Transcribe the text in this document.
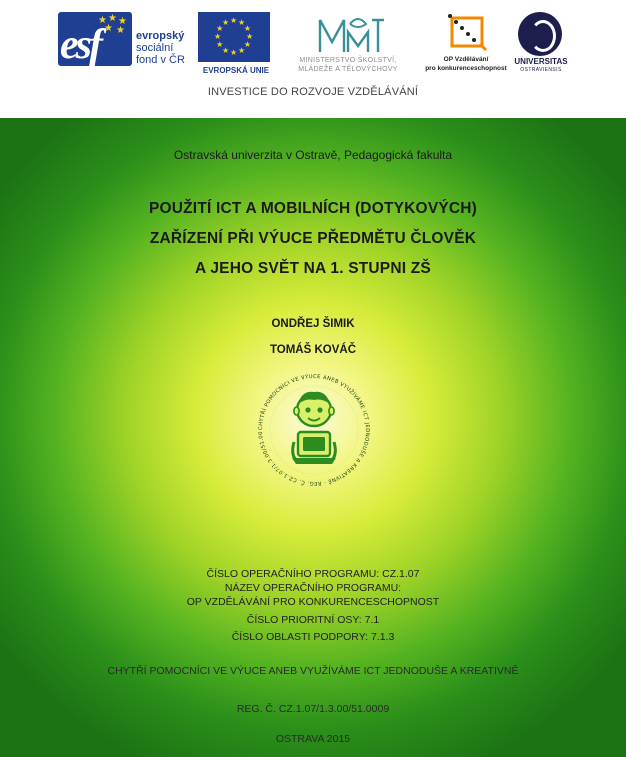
esf
★ ★ ★
★ ★ evropský
sociální
fond v ČR
★ ★
★
★
★
★
★
★
★
★
★
★
EVROPSKÁ UNIE
MINISTERSTVO ŠKOLSTVÍ,
MLÁDEŽE A TĚLOVÝCHOVY
OP Vzdělávání
pro konkurenceschopnost
UNIVERSITAS
OSTRAVIENSIS
INVESTICE DO ROZVOJE VZDĚLÁVÁNÍ
Ostravská univerzita v Ostravě, Pedagogická fakulta
POUŽITÍ ICT A MOBILNÍCH (DOTYKOVÝCH)
ZAŘÍZENÍ PŘI VÝUCE PŘEDMĚTU ČLOVĚK
A JEHO SVĚT NA 1. STUPNI ZŠ
ONDŘEJ ŠIMIK
TOMÁŠ KOVÁČ
CHYTŘÍ POMOCNÍCI VE VÝUCE ANEB VYUŽÍVÁME ICT JEDNODUŠE A KREATIVNĚ · REG. Č. CZ.1.07/1.3.00/51.00
ČÍSLO OPERAČNÍHO PROGRAMU: CZ.1.07
NÁZEV OPERAČNÍHO PROGRAMU:
OP VZDĚLÁVÁNÍ PRO KONKURENCESCHOPNOST
ČÍSLO PRIORITNÍ OSY: 7.1
ČÍSLO OBLASTI PODPORY: 7.1.3
CHYTŘÍ POMOCNÍCI VE VÝUCE ANEB VYUŽÍVÁME ICT JEDNODUŠE A KREATIVNĚ
REG. Č. CZ.1.07/1.3.00/51.0009
OSTRAVA 2015
